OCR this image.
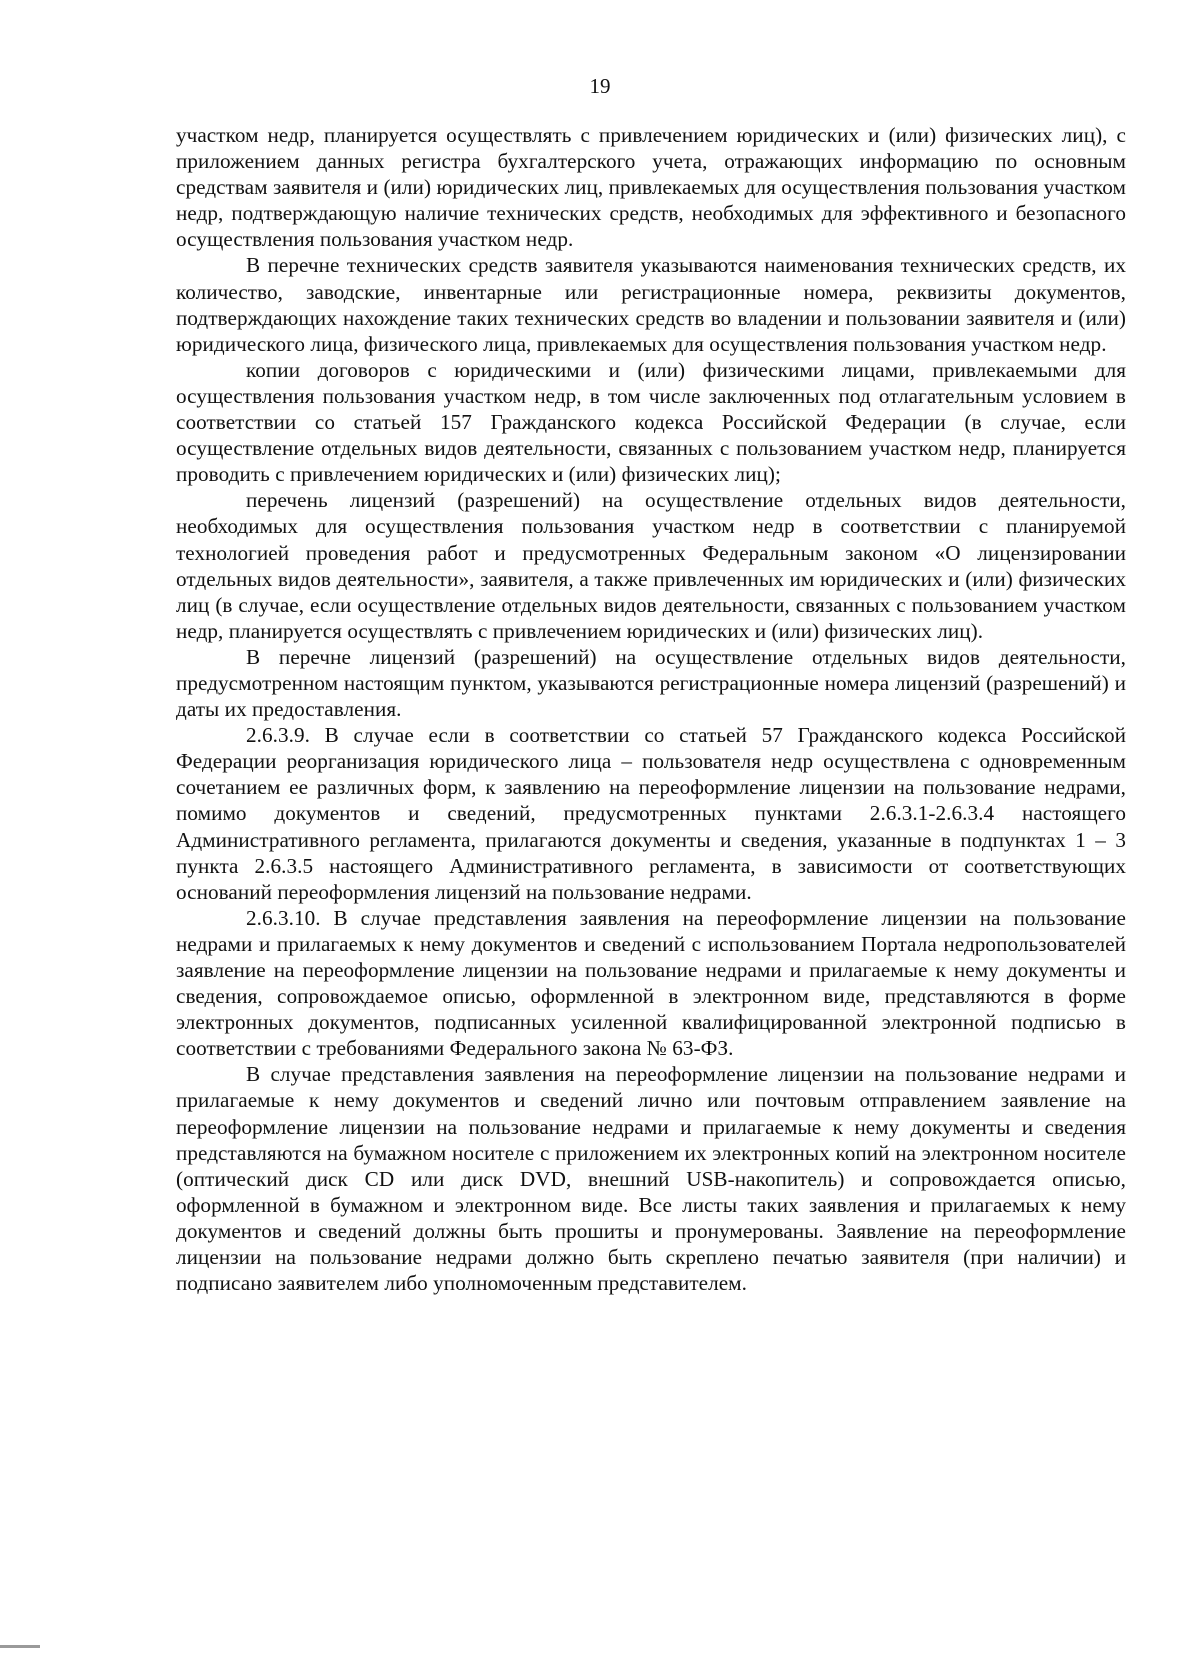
19

участком недр, планируется осуществлять с привлечением юридических и (или) физических лиц), с приложением данных регистра бухгалтерского учета, отражающих информацию по основным средствам заявителя и (или) юридических лиц, привлекаемых для осуществления пользования участком недр, подтверждающую наличие технических средств, необходимых для эффективного и безопасного осуществления пользования участком недр.

В перечне технических средств заявителя указываются наименования технических средств, их количество, заводские, инвентарные или регистрационные номера, реквизиты документов, подтверждающих нахождение таких технических средств во владении и пользовании заявителя и (или) юридического лица, физического лица, привлекаемых для осуществления пользования участком недр.

копии договоров с юридическими и (или) физическими лицами, привлекаемыми для осуществления пользования участком недр, в том числе заключенных под отлагательным условием в соответствии со статьей 157 Гражданского кодекса Российской Федерации (в случае, если осуществление отдельных видов деятельности, связанных с пользованием участком недр, планируется проводить с привлечением юридических и (или) физических лиц);

перечень лицензий (разрешений) на осуществление отдельных видов деятельности, необходимых для осуществления пользования участком недр в соответствии с планируемой технологией проведения работ и предусмотренных Федеральным законом «О лицензировании отдельных видов деятельности», заявителя, а также привлеченных им юридических и (или) физических лиц (в случае, если осуществление отдельных видов деятельности, связанных с пользованием участком недр, планируется осуществлять с привлечением юридических и (или) физических лиц).

В перечне лицензий (разрешений) на осуществление отдельных видов деятельности, предусмотренном настоящим пунктом, указываются регистрационные номера лицензий (разрешений) и даты их предоставления.

2.6.3.9. В случае если в соответствии со статьей 57 Гражданского кодекса Российской Федерации реорганизация юридического лица – пользователя недр осуществлена с одновременным сочетанием ее различных форм, к заявлению на переоформление лицензии на пользование недрами, помимо документов и сведений, предусмотренных пунктами 2.6.3.1-2.6.3.4 настоящего Административного регламента, прилагаются документы и сведения, указанные в подпунктах 1 – 3 пункта 2.6.3.5 настоящего Административного регламента, в зависимости от соответствующих оснований переоформления лицензий на пользование недрами.

2.6.3.10. В случае представления заявления на переоформление лицензии на пользование недрами и прилагаемых к нему документов и сведений с использованием Портала недропользователей заявление на переоформление лицензии на пользование недрами и прилагаемые к нему документы и сведения, сопровождаемое описью, оформленной в электронном виде, представляются в форме электронных документов, подписанных усиленной квалифицированной электронной подписью в соответствии с требованиями Федерального закона № 63-ФЗ.

В случае представления заявления на переоформление лицензии на пользование недрами и прилагаемые к нему документов и сведений лично или почтовым отправлением заявление на переоформление лицензии на пользование недрами и прилагаемые к нему документы и сведения представляются на бумажном носителе с приложением их электронных копий на электронном носителе (оптический диск CD или диск DVD, внешний USB-накопитель) и сопровождается описью, оформленной в бумажном и электронном виде. Все листы таких заявления и прилагаемых к нему документов и сведений должны быть прошиты и пронумерованы. Заявление на переоформление лицензии на пользование недрами должно быть скреплено печатью заявителя (при наличии) и подписано заявителем либо уполномоченным представителем.
